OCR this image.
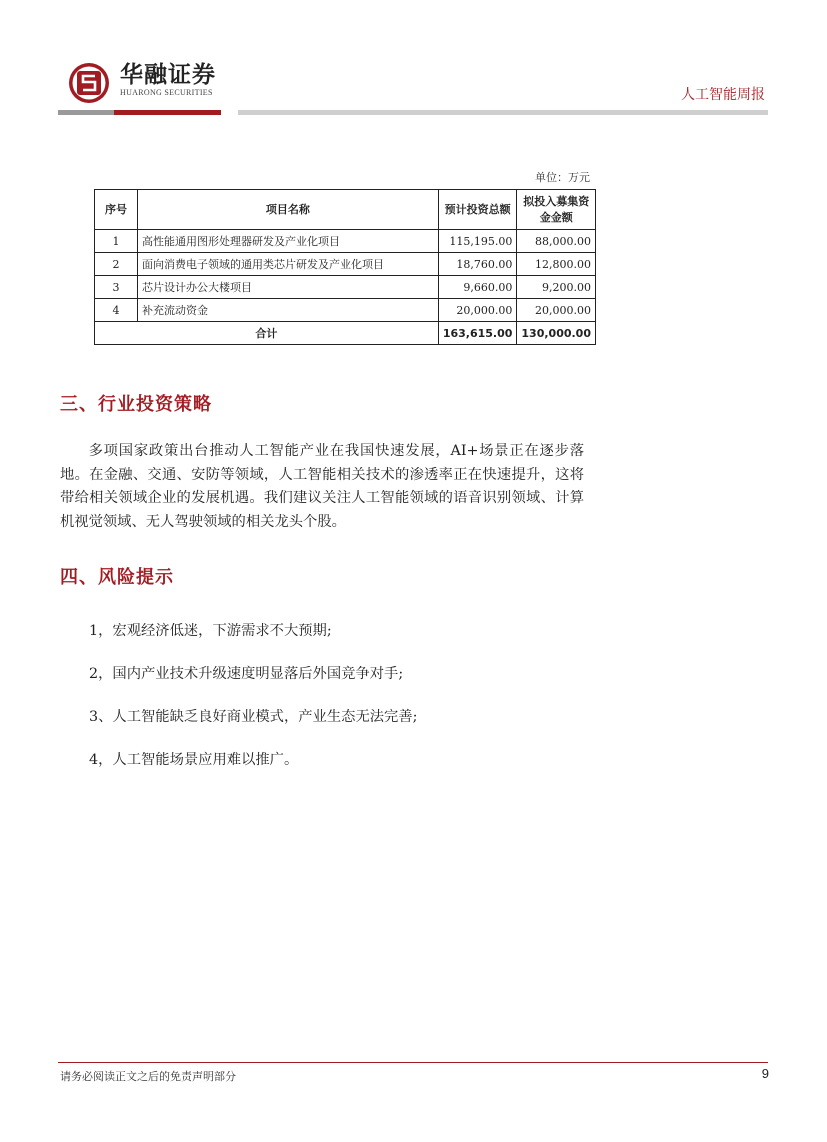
华融证券
HUARONG SECURITIES	人工智能周报
单位：万元
序号	项目名称	预计投资总额	拟投入募集资金金额
1	高性能通用图形处理器研发及产业化项目	115,195.00	88,000.00
2	面向消费电子领域的通用类芯片研发及产业化项目	18,760.00	12,800.00
3	芯片设计办公大楼项目	9,660.00	9,200.00
4	补充流动资金	20,000.00	20,000.00
合计		163,615.00	130,000.00
三、行业投资策略
多项国家政策出台推动人工智能产业在我国快速发展，AI+场景正在逐步落地。在金融、交通、安防等领域，人工智能相关技术的渗透率正在快速提升，这将带给相关领域企业的发展机遇。我们建议关注人工智能领域的语音识别领域、计算机视觉领域、无人驾驶领域的相关龙头个股。
四、风险提示
1，宏观经济低迷，下游需求不大预期;
2，国内产业技术升级速度明显落后外国竞争对手;
3、人工智能缺乏良好商业模式，产业生态无法完善;
4，人工智能场景应用难以推广。
请务必阅读正文之后的免责声明部分	9
